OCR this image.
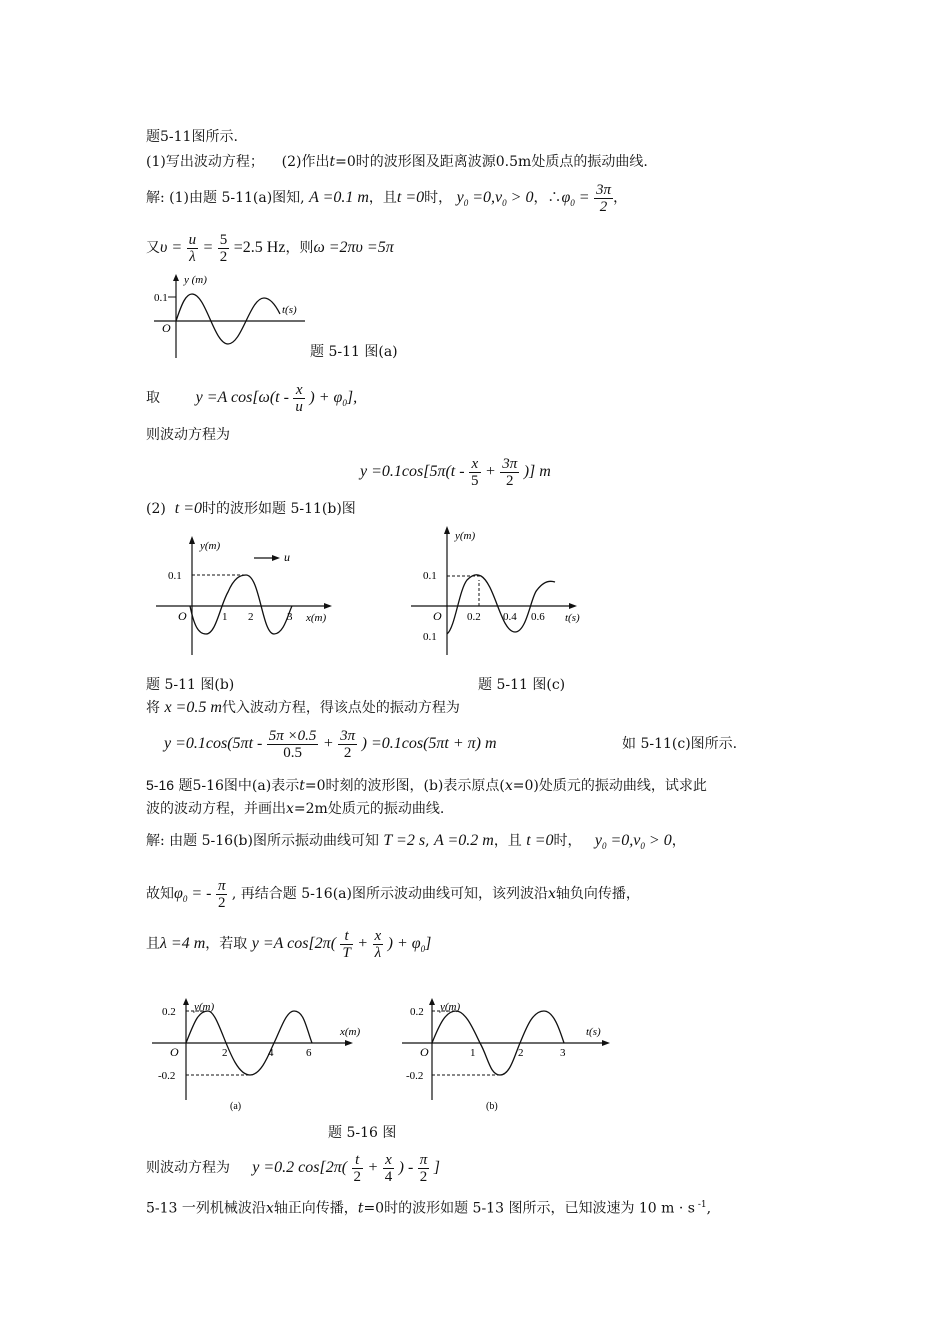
题5-11图所示.
(1)写出波动方程； (2)作出t=0时的波形图及距离波源0.5m处质点的振动曲线.
解: (1)由题 5-11(a)图知, A =0.1 m，且t =0时， $y_0 =0,v_0 > 0$，$\therefore\varphi_0 = \frac{3\pi}{2}$ ，
又$\upsilon = \frac{u}{\lambda} = \frac{5}{2} =2.5$ Hz，则ω =2πυ =5π
y (m)
t(s)
0.1
O
题 5-11 图(a)
取 y =A $\cos[\omega(t - \frac{x}{u}$ ) + $\varphi_0$],
则波动方程为
$y =0.1\cos[5\pi(t - \frac{x}{5} + \frac{3\pi}{2}$ )] m
(2) t =0时的波形如题 5-11(b)图
u
y(m)
x(m)
0.1
O	1 2	3
y(m)
t(s)
0.1
0.1
O 0.2 0.4 0.6
题 5-11 图(b)	题 5-11 图(c)
将 x =0.5 m代入波动方程，得该点处的振动方程为
$y =0.1\cos(5\pi t - \frac{5\pi \times 0.5}{0.5} + \frac{3\pi}{2}$ ) =0.1cos(5πt + π) m	如 5-11(c)图所示.
5-16 题5-16图中(a)表示t=0时刻的波形图，(b)表示原点(x=0)处质元的振动曲线，试求此
波的波动方程，并画出x=2m处质元的振动曲线.
解: 由题 5-16(b)图所示振动曲线可知 T =2 s, A =0.2 m，且 t =0时， $y_0 =0,v_0 > 0$，
故知$\varphi_0$ = - $\frac{\pi}{2}$ , 再结合题 5-16(a)图所示波动曲线可知，该列波沿x轴负向传播，
且λ =4 m，若取 y =A $\cos[2\pi( \frac{t}{T} + \frac{x}{\lambda}$ ) + $\varphi_0$]
y(m)
x(m)
0.2
-0.2
O	2	4	6
(a)
y(m)
t(s)
0.2
-0.2
O	1	2	3
(b)
题 5-16 图
则波动方程为 y =0.2 $\cos[2\pi( \frac{t}{2} + \frac{x}{4}$ ) - $\frac{\pi}{2}$ ]
5-13 一列机械波沿x轴正向传播，t=0时的波形如题 5-13 图所示，已知波速为 10 m · s $^{-1}$,
